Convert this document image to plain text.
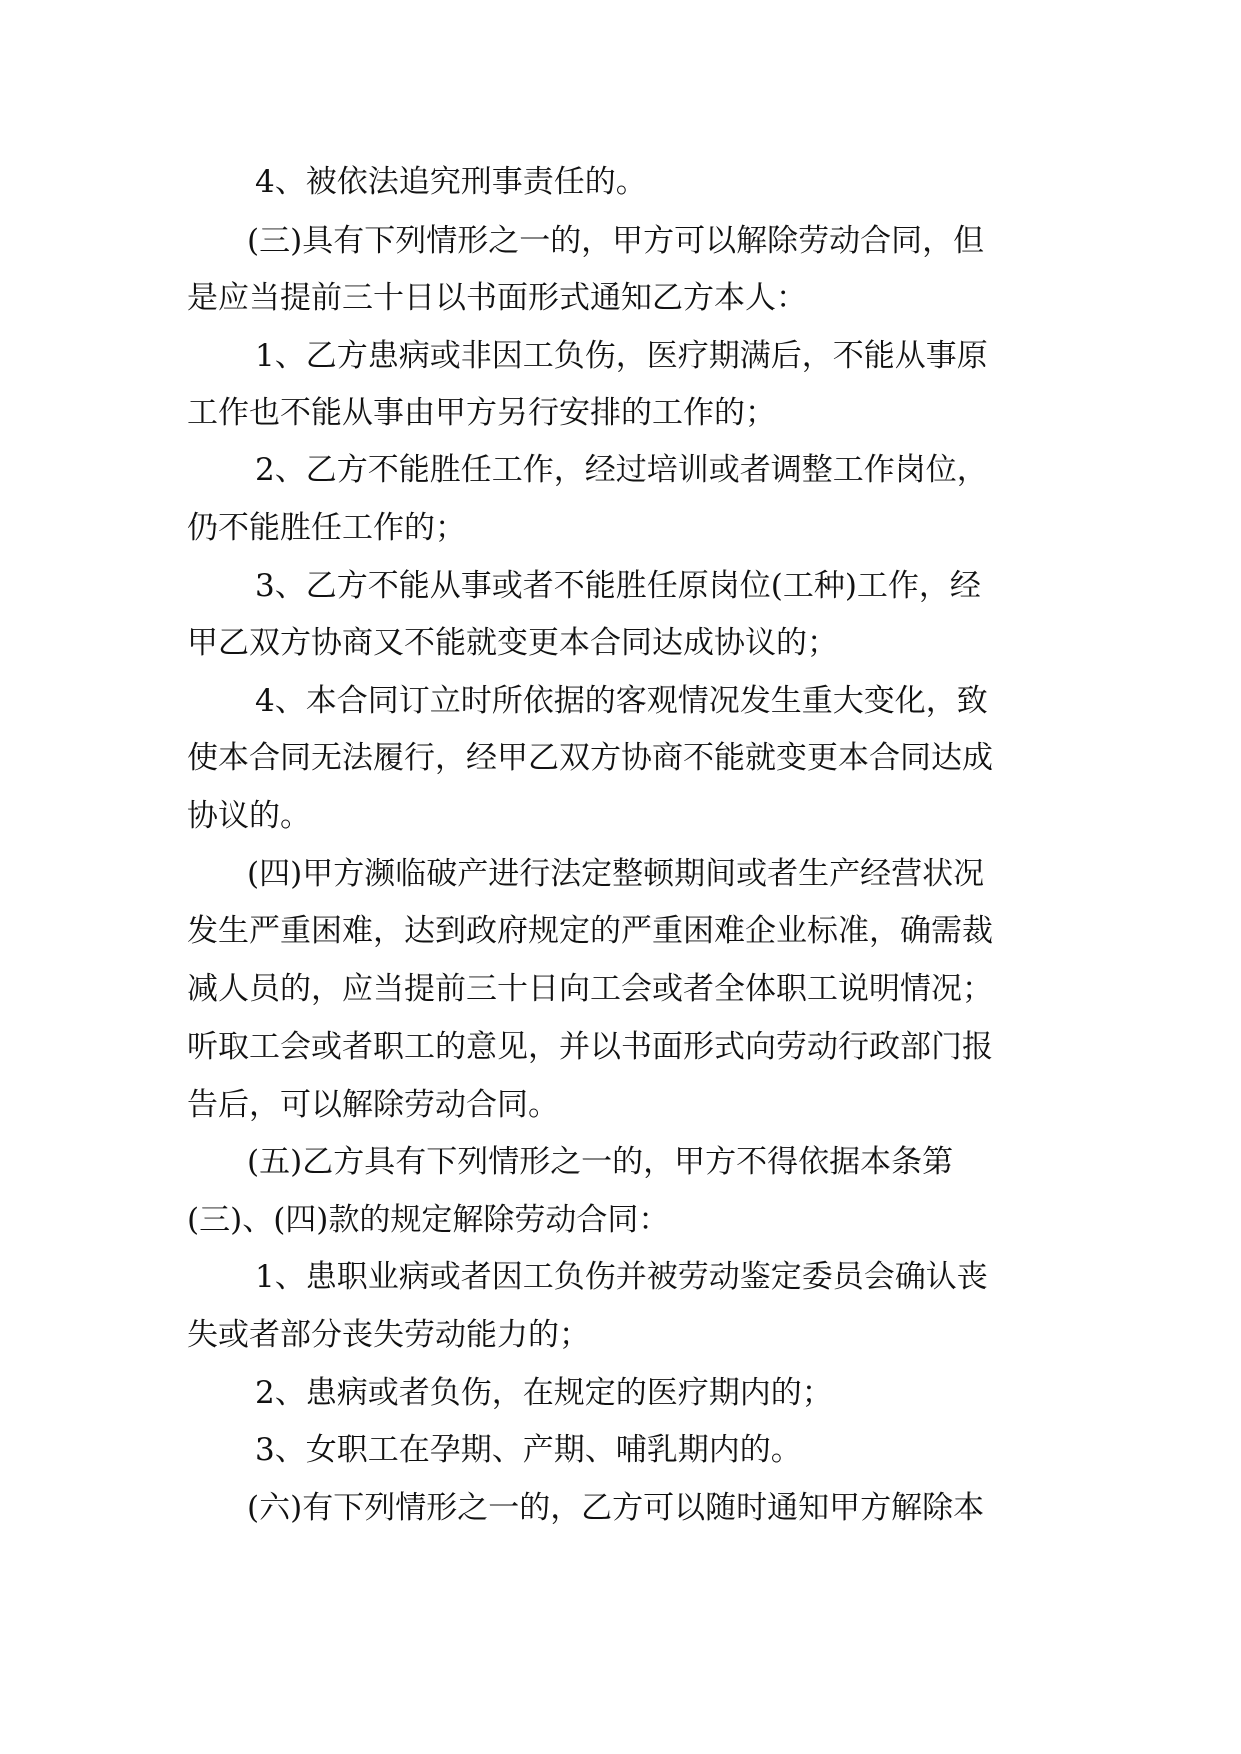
4、被依法追究刑事责任的。
(三)具有下列情形之一的，甲方可以解除劳动合同，但
是应当提前三十日以书面形式通知乙方本人：
1、乙方患病或非因工负伤，医疗期满后，不能从事原
工作也不能从事由甲方另行安排的工作的；
2、乙方不能胜任工作，经过培训或者调整工作岗位，
仍不能胜任工作的；
3、乙方不能从事或者不能胜任原岗位(工种)工作，经
甲乙双方协商又不能就变更本合同达成协议的；
4、本合同订立时所依据的客观情况发生重大变化，致
使本合同无法履行，经甲乙双方协商不能就变更本合同达成
协议的。
(四)甲方濒临破产进行法定整顿期间或者生产经营状况
发生严重困难，达到政府规定的严重困难企业标准，确需裁
减人员的，应当提前三十日向工会或者全体职工说明情况；
听取工会或者职工的意见，并以书面形式向劳动行政部门报
告后，可以解除劳动合同。
(五)乙方具有下列情形之一的，甲方不得依据本条第
(三)、(四)款的规定解除劳动合同：
1、患职业病或者因工负伤并被劳动鉴定委员会确认丧
失或者部分丧失劳动能力的；
2、患病或者负伤，在规定的医疗期内的；
3、女职工在孕期、产期、哺乳期内的。
(六)有下列情形之一的，乙方可以随时通知甲方解除本
